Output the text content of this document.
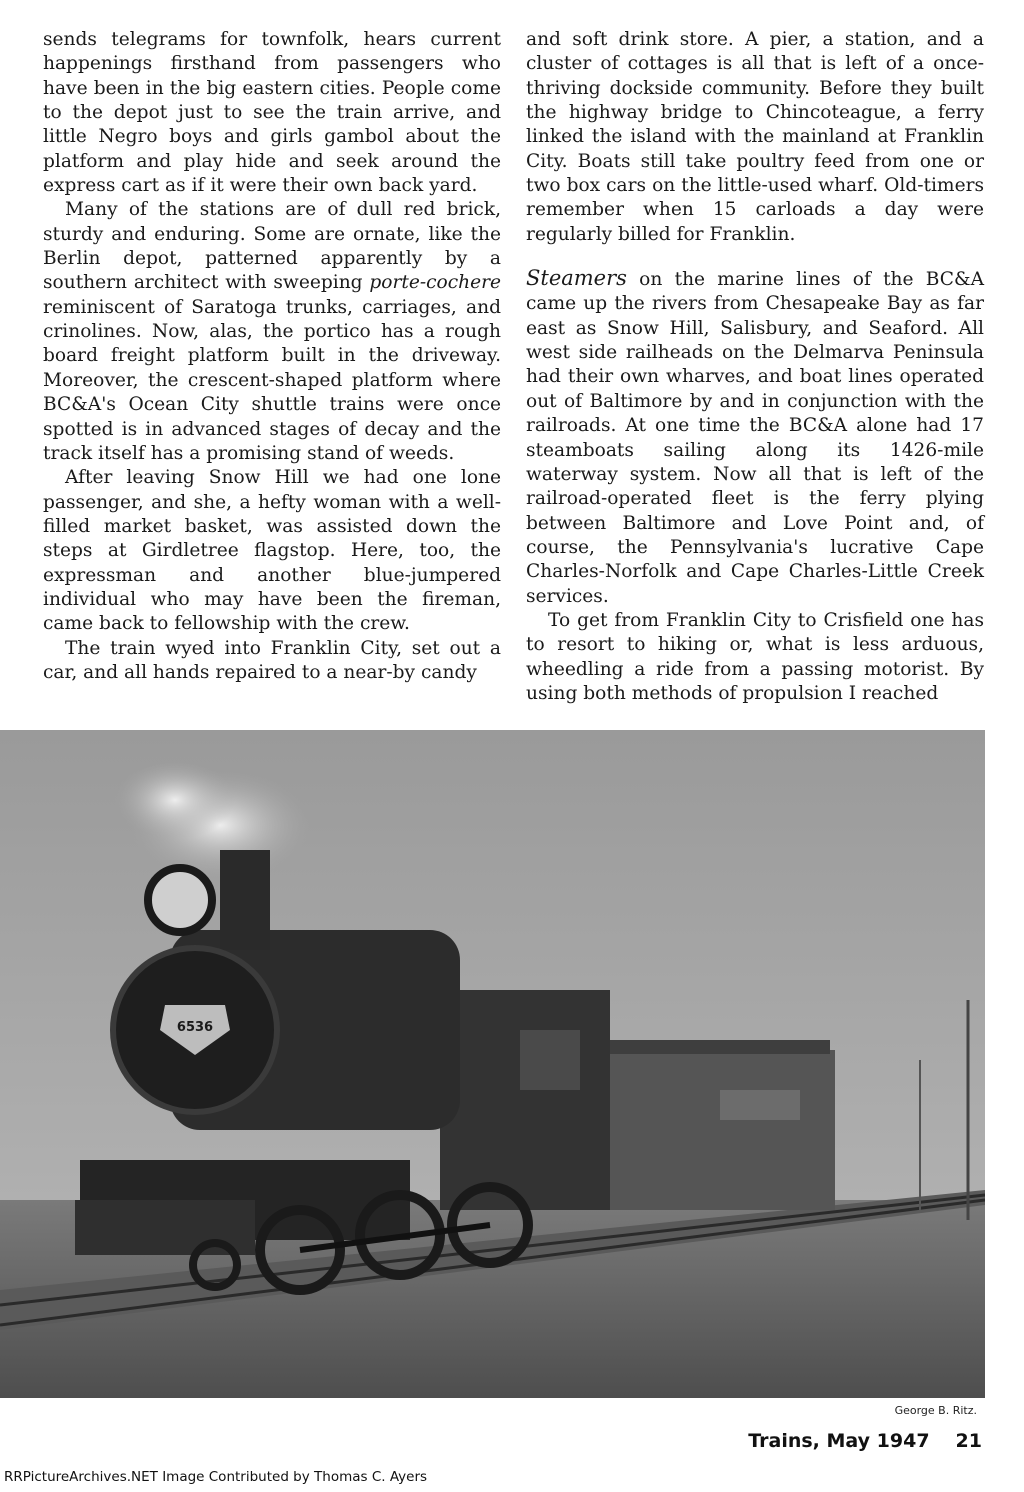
sends telegrams for townfolk, hears current happenings firsthand from passengers who have been in the big eastern cities. People come to the depot just to see the train arrive, and little Negro boys and girls gambol about the platform and play hide and seek around the express cart as if it were their own back yard.

Many of the stations are of dull red brick, sturdy and enduring. Some are ornate, like the Berlin depot, patterned apparently by a southern architect with sweeping porte-cochere reminiscent of Saratoga trunks, carriages, and crinolines. Now, alas, the portico has a rough board freight platform built in the driveway. Moreover, the crescent-shaped platform where BC&A's Ocean City shuttle trains were once spotted is in advanced stages of decay and the track itself has a promising stand of weeds.

After leaving Snow Hill we had one lone passenger, and she, a hefty woman with a well-filled market basket, was assisted down the steps at Girdletree flagstop. Here, too, the expressman and another blue-jumpered individual who may have been the fireman, came back to fellowship with the crew.

The train wyed into Franklin City, set out a car, and all hands repaired to a near-by candy

and soft drink store. A pier, a station, and a cluster of cottages is all that is left of a once-thriving dockside community. Before they built the highway bridge to Chincoteague, a ferry linked the island with the mainland at Franklin City. Boats still take poultry feed from one or two box cars on the little-used wharf. Old-timers remember when 15 carloads a day were regularly billed for Franklin.

Steamers on the marine lines of the BC&A came up the rivers from Chesapeake Bay as far east as Snow Hill, Salisbury, and Seaford. All west side railheads on the Delmarva Peninsula had their own wharves, and boat lines operated out of Baltimore by and in conjunction with the railroads. At one time the BC&A alone had 17 steamboats sailing along its 1426-mile waterway system. Now all that is left of the railroad-operated fleet is the ferry plying between Baltimore and Love Point and, of course, the Pennsylvania's lucrative Cape Charles-Norfolk and Cape Charles-Little Creek services.

To get from Franklin City to Crisfield one has to resort to hiking or, what is less arduous, wheedling a ride from a passing motorist. By using both methods of propulsion I reached

6536
George B. Ritz.
Trains, May 1947 21
RRPictureArchives.NET Image Contributed by Thomas C. Ayers
